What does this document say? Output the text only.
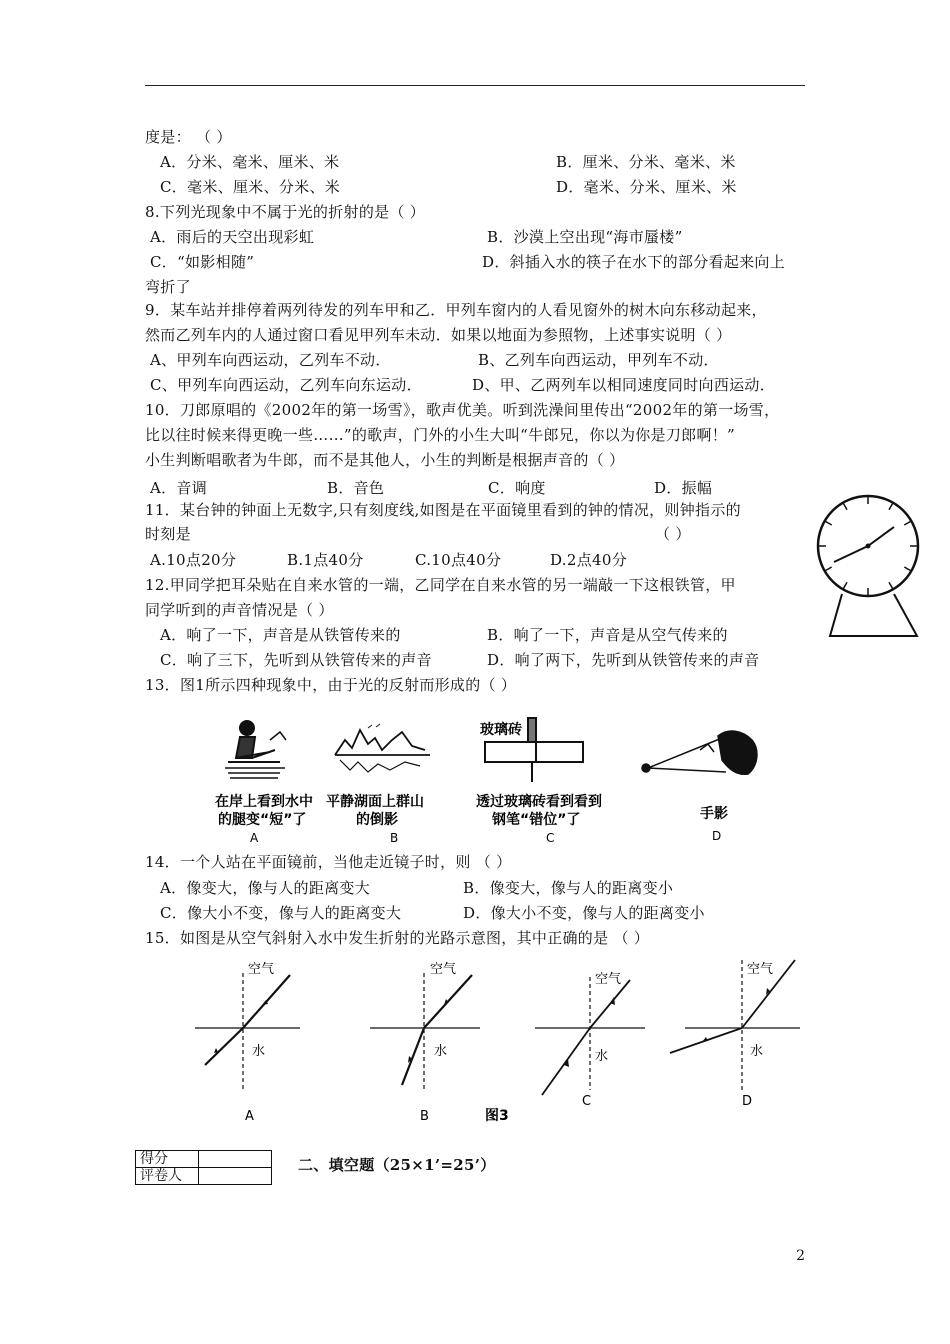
度是： （ ）
A．分米、毫米、厘米、米	B．厘米、分米、毫米、米
C．毫米、厘米、分米、米	D．毫米、分米、厘米、米
8.下列光现象中不属于光的折射的是（ ）
A．雨后的天空出现彩虹	B．沙漠上空出现“海市蜃楼”
C．“如影相随”	D．斜插入水的筷子在水下的部分看起来向上
弯折了
9．某车站并排停着两列待发的列车甲和乙．甲列车窗内的人看见窗外的树木向东移动起来，
然而乙列车内的人通过窗口看见甲列车未动．如果以地面为参照物，上述事实说明（ ）
A、甲列车向西运动，乙列车不动．	B、乙列车向西运动，甲列车不动．
C、甲列车向西运动，乙列车向东运动．	D、甲、乙两列车以相同速度同时向西运动．
10．刀郎原唱的《2002年的第一场雪》，歌声优美。听到洗澡间里传出“2002年的第一场雪，
比以往时候来得更晚一些……”的歌声，门外的小生大叫“牛郎兄，你以为你是刀郎啊！”
小生判断唱歌者为牛郎，而不是其他人，小生的判断是根据声音的（ ）
A．音调	B．音色	C．响度	D．振幅
11．某台钟的钟面上无数字,只有刻度线,如图是在平面镜里看到的钟的情况，则钟指示的
时刻是	（ ）
A.10点20分	B.1点40分	C.10点40分	D.2点40分
12.甲同学把耳朵贴在自来水管的一端，乙同学在自来水管的另一端敲一下这根铁管，甲
同学听到的声音情况是（ ）
A．响了一下，声音是从铁管传来的	B．响了一下，声音是从空气传来的
C．响了三下，先听到从铁管传来的声音	D．响了两下，先听到从铁管传来的声音
13．图1所示四种现象中，由于光的反射而形成的（ ）
在岸上看到水中
的腿变“短”了
A
平静湖面上群山
的倒影
B
玻璃砖
透过玻璃砖看到看到
钢笔“错位”了
C
手影
D
14．一个人站在平面镜前，当他走近镜子时，则 （ ）
A．像变大，像与人的距离变大	B．像变大，像与人的距离变小
C．像大小不变，像与人的距离变大	D．像大小不变，像与人的距离变小
15．如图是从空气斜射入水中发生折射的光路示意图，其中正确的是 （ ）
空气
水
A
空气
水
B
空气
水
C
空气
水
D
图3
得分	
评卷人	
二、填空题（25×1’=25’）
2
